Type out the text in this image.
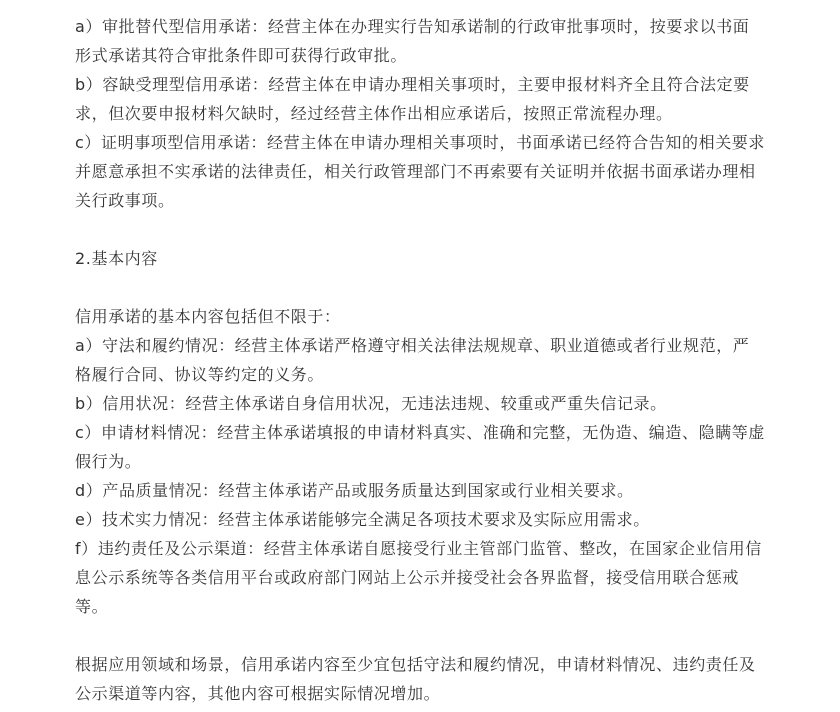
a）审批替代型信用承诺：经营主体在办理实行告知承诺制的行政审批事项时，按要求以书面形式承诺其符合审批条件即可获得行政审批。

b）容缺受理型信用承诺：经营主体在申请办理相关事项时，主要申报材料齐全且符合法定要求，但次要申报材料欠缺时，经过经营主体作出相应承诺后，按照正常流程办理。

c）证明事项型信用承诺：经营主体在申请办理相关事项时，书面承诺已经符合告知的相关要求并愿意承担不实承诺的法律责任，相关行政管理部门不再索要有关证明并依据书面承诺办理相关行政事项。

2.基本内容

信用承诺的基本内容包括但不限于：

a）守法和履约情况：经营主体承诺严格遵守相关法律法规规章、职业道德或者行业规范，严格履行合同、协议等约定的义务。

b）信用状况：经营主体承诺自身信用状况，无违法违规、较重或严重失信记录。

c）申请材料情况：经营主体承诺填报的申请材料真实、准确和完整，无伪造、编造、隐瞒等虚假行为。

d）产品质量情况：经营主体承诺产品或服务质量达到国家或行业相关要求。

e）技术实力情况：经营主体承诺能够完全满足各项技术要求及实际应用需求。

f）违约责任及公示渠道：经营主体承诺自愿接受行业主管部门监管、整改，在国家企业信用信息公示系统等各类信用平台或政府部门网站上公示并接受社会各界监督，接受信用联合惩戒等。

根据应用领域和场景，信用承诺内容至少宜包括守法和履约情况，申请材料情况、违约责任及公示渠道等内容，其他内容可根据实际情况增加。
